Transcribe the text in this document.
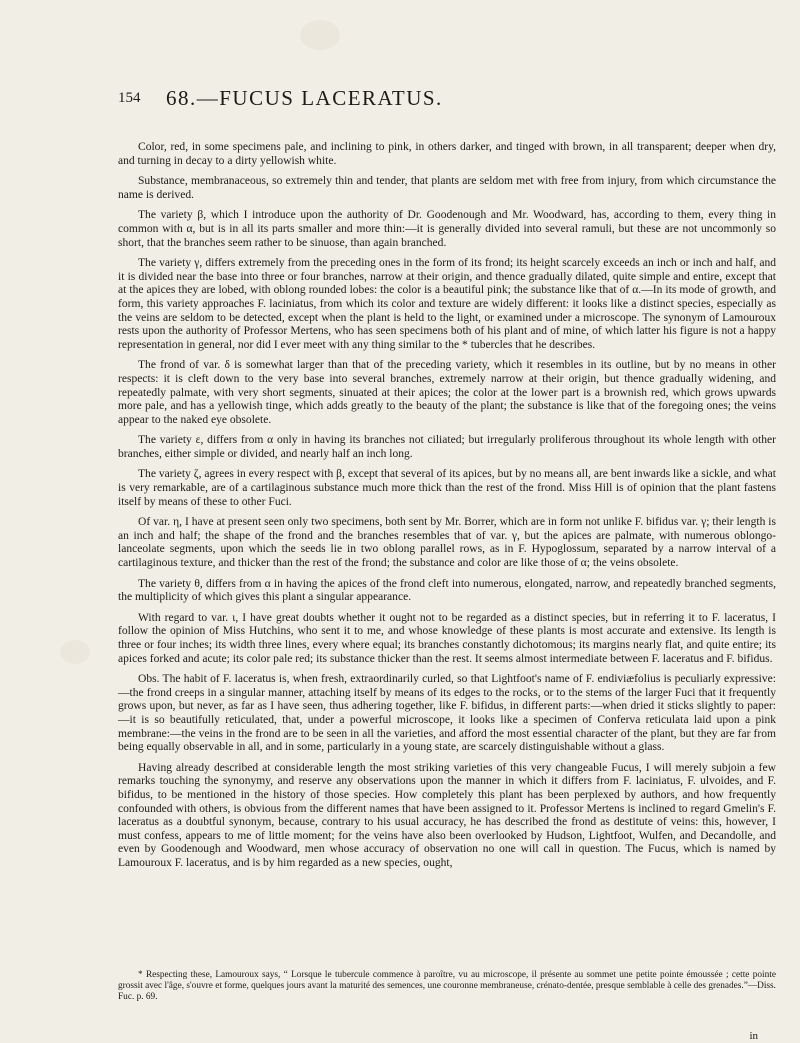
154 68.—FUCUS LACERATUS.

Color, red, in some specimens pale, and inclining to pink, in others darker, and tinged with brown, in all transparent; deeper when dry, and turning in decay to a dirty yellowish white.

Substance, membranaceous, so extremely thin and tender, that plants are seldom met with free from injury, from which circumstance the name is derived.

The variety β, which I introduce upon the authority of Dr. Goodenough and Mr. Woodward, has, according to them, every thing in common with α, but is in all its parts smaller and more thin:—it is generally divided into several ramuli, but these are not uncommonly so short, that the branches seem rather to be sinuose, than again branched.

The variety γ, differs extremely from the preceding ones in the form of its frond; its height scarcely exceeds an inch or inch and half, and it is divided near the base into three or four branches, narrow at their origin, and thence gradually dilated, quite simple and entire, except that at the apices they are lobed, with oblong rounded lobes: the color is a beautiful pink; the substance like that of α.—In its mode of growth, and form, this variety approaches F. laciniatus, from which its color and texture are widely different: it looks like a distinct species, especially as the veins are seldom to be detected, except when the plant is held to the light, or examined under a microscope. The synonym of Lamouroux rests upon the authority of Professor Mertens, who has seen specimens both of his plant and of mine, of which latter his figure is not a happy representation in general, nor did I ever meet with any thing similar to the * tubercles that he describes.

The frond of var. δ is somewhat larger than that of the preceding variety, which it resembles in its outline, but by no means in other respects: it is cleft down to the very base into several branches, extremely narrow at their origin, but thence gradually widening, and repeatedly palmate, with very short segments, sinuated at their apices; the color at the lower part is a brownish red, which grows upwards more pale, and has a yellowish tinge, which adds greatly to the beauty of the plant; the substance is like that of the foregoing ones; the veins appear to the naked eye obsolete.

The variety ε, differs from α only in having its branches not ciliated; but irregularly proliferous throughout its whole length with other branches, either simple or divided, and nearly half an inch long.

The variety ζ, agrees in every respect with β, except that several of its apices, but by no means all, are bent inwards like a sickle, and what is very remarkable, are of a cartilaginous substance much more thick than the rest of the frond. Miss Hill is of opinion that the plant fastens itself by means of these to other Fuci.

Of var. η, I have at present seen only two specimens, both sent by Mr. Borrer, which are in form not unlike F. bifidus var. γ; their length is an inch and half; the shape of the frond and the branches resembles that of var. γ, but the apices are palmate, with numerous oblongo-lanceolate segments, upon which the seeds lie in two oblong parallel rows, as in F. Hypoglossum, separated by a narrow interval of a cartilaginous texture, and thicker than the rest of the frond; the substance and color are like those of α; the veins obsolete.

The variety θ, differs from α in having the apices of the frond cleft into numerous, elongated, narrow, and repeatedly branched segments, the multiplicity of which gives this plant a singular appearance.

With regard to var. ι, I have great doubts whether it ought not to be regarded as a distinct species, but in referring it to F. laceratus, I follow the opinion of Miss Hutchins, who sent it to me, and whose knowledge of these plants is most accurate and extensive. Its length is three or four inches; its width three lines, every where equal; its branches constantly dichotomous; its margins nearly flat, and quite entire; its apices forked and acute; its color pale red; its substance thicker than the rest. It seems almost intermediate between F. laceratus and F. bifidus.

Obs. The habit of F. laceratus is, when fresh, extraordinarily curled, so that Lightfoot's name of F. endiviæfolius is peculiarly expressive:—the frond creeps in a singular manner, attaching itself by means of its edges to the rocks, or to the stems of the larger Fuci that it frequently grows upon, but never, as far as I have seen, thus adhering together, like F. bifidus, in different parts:—when dried it sticks slightly to paper:—it is so beautifully reticulated, that, under a powerful microscope, it looks like a specimen of Conferva reticulata laid upon a pink membrane:—the veins in the frond are to be seen in all the varieties, and afford the most essential character of the plant, but they are far from being equally observable in all, and in some, particularly in a young state, are scarcely distinguishable without a glass.

Having already described at considerable length the most striking varieties of this very changeable Fucus, I will merely subjoin a few remarks touching the synonymy, and reserve any observations upon the manner in which it differs from F. laciniatus, F. ulvoides, and F. bifidus, to be mentioned in the history of those species. How completely this plant has been perplexed by authors, and how frequently confounded with others, is obvious from the different names that have been assigned to it. Professor Mertens is inclined to regard Gmelin's F. laceratus as a doubtful synonym, because, contrary to his usual accuracy, he has described the frond as destitute of veins: this, however, I must confess, appears to me of little moment; for the veins have also been overlooked by Hudson, Lightfoot, Wulfen, and Decandolle, and even by Goodenough and Woodward, men whose accuracy of observation no one will call in question. The Fucus, which is named by Lamouroux F. laceratus, and is by him regarded as a new species, ought,

* Respecting these, Lamouroux says, “ Lorsque le tubercule commence à paroître, vu au microscope, il présente au sommet une petite pointe émoussée ; cette pointe grossit avec l'âge, s'ouvre et forme, quelques jours avant la maturité des semences, une couronne membraneuse, crénato-dentée, presque semblable à celle des grenades.”—Diss. Fuc. p. 69.

in
